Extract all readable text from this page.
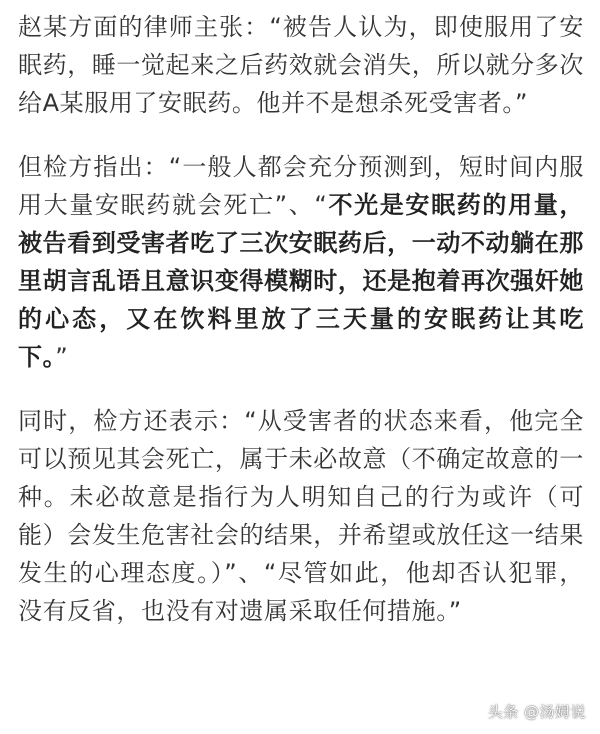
赵某方面的律师主张：“被告人认为，即使服用了安眠药，睡一觉起来之后药效就会消失，所以就分多次给A某服用了安眠药。他并不是想杀死受害者。”

但检方指出：“一般人都会充分预测到，短时间内服用大量安眠药就会死亡”、“不光是安眠药的用量，被告看到受害者吃了三次安眠药后，一动不动躺在那里胡言乱语且意识变得模糊时，还是抱着再次强奸她的心态，又在饮料里放了三天量的安眠药让其吃下。”

同时，检方还表示：“从受害者的状态来看，他完全可以预见其会死亡，属于未必故意（不确定故意的一种。未必故意是指行为人明知自己的行为或许（可能）会发生危害社会的结果，并希望或放任这一结果发生的心理态度。）”、“尽管如此，他却否认犯罪，没有反省，也没有对遗属采取任何措施。”

头条 @汤姆说
